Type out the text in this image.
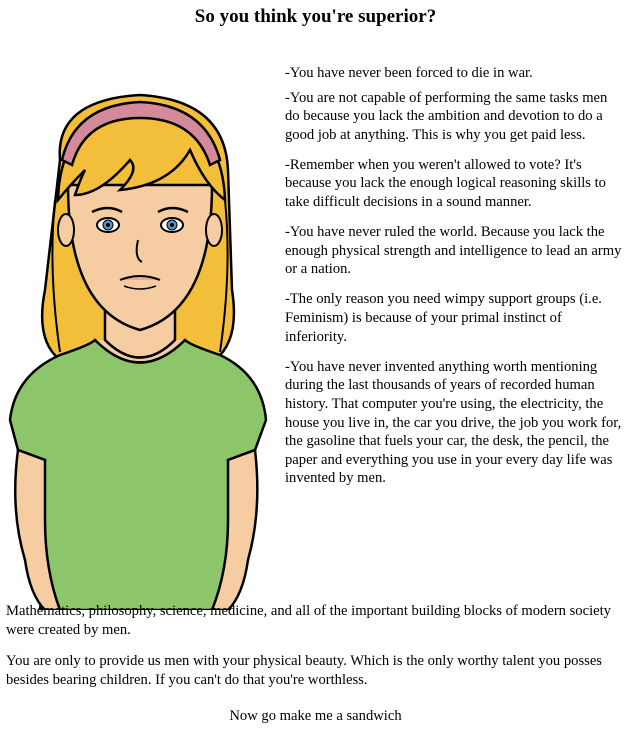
So you think you're superior?

-You have never been forced to die in war.

-You are not capable of performing the same tasks men do because you lack the ambition and devotion to do a good job at anything. This is why you get paid less.

-Remember when you weren't allowed to vote? It's because you lack the enough logical reasoning skills to take difficult decisions in a sound manner.

-You have never ruled the world. Because you lack the enough physical strength and intelligence to lead an army or a nation.

-The only reason you need wimpy support groups (i.e. Feminism) is because of your primal instinct of inferiority.

-You have never invented anything worth mentioning during the last thousands of years of recorded human history. That computer you're using, the electricity, the house you live in, the car you drive, the job you work for, the gasoline that fuels your car, the desk, the pencil, the paper and everything you use in your every day life was invented by men.

Mathematics, philosophy, science, medicine, and all of the important building blocks of modern society were created by men.
You are only to provide us men with your physical beauty. Which is the only worthy talent you posses besides bearing children. If you can't do that you're worthless.
Now go make me a sandwich
